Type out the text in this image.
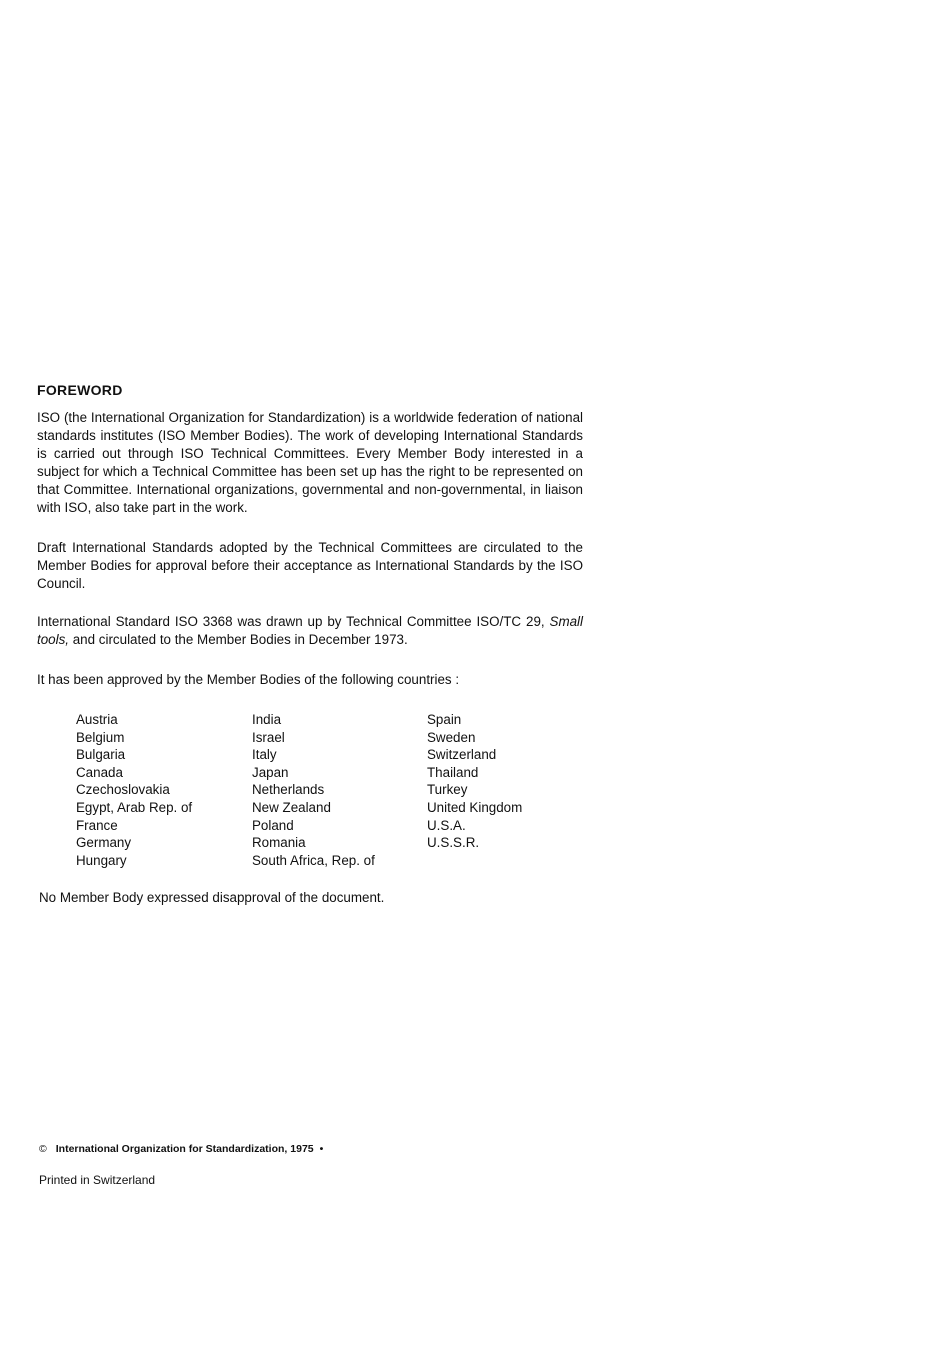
FOREWORD

ISO (the International Organization for Standardization) is a worldwide federation of national standards institutes (ISO Member Bodies). The work of developing International Standards is carried out through ISO Technical Committees. Every Member Body interested in a subject for which a Technical Committee has been set up has the right to be represented on that Committee. International organizations, governmental and non-governmental, in liaison with ISO, also take part in the work.

Draft International Standards adopted by the Technical Committees are circulated to the Member Bodies for approval before their acceptance as International Standards by the ISO Council.

International Standard ISO 3368 was drawn up by Technical Committee ISO/TC 29, Small tools, and circulated to the Member Bodies in December 1973.

It has been approved by the Member Bodies of the following countries :

Austria
Belgium
Bulgaria
Canada
Czechoslovakia
Egypt, Arab Rep. of
France
Germany
Hungary
India
Israel
Italy
Japan
Netherlands
New Zealand
Poland
Romania
South Africa, Rep. of
Spain
Sweden
Switzerland
Thailand
Turkey
United Kingdom
U.S.A.
U.S.S.R.

No Member Body expressed disapproval of the document.

© International Organization for Standardization, 1975 •
Printed in Switzerland
